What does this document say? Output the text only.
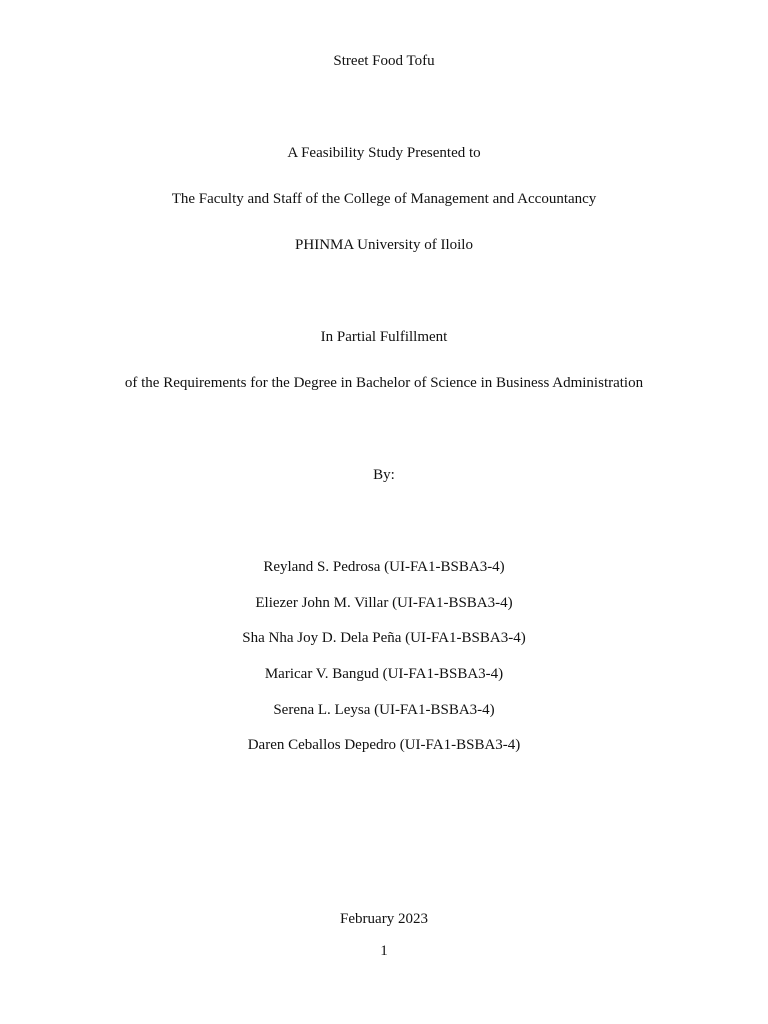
Street Food Tofu
A Feasibility Study Presented to
The Faculty and Staff of the College of Management and Accountancy
PHINMA University of Iloilo
In Partial Fulfillment
of the Requirements for the Degree in Bachelor of Science in Business Administration
By:
Reyland S. Pedrosa (UI-FA1-BSBA3-4)
Eliezer John M. Villar (UI-FA1-BSBA3-4)
Sha Nha Joy D. Dela Peña (UI-FA1-BSBA3-4)
Maricar V. Bangud (UI-FA1-BSBA3-4)
Serena L. Leysa (UI-FA1-BSBA3-4)
Daren Ceballos Depedro (UI-FA1-BSBA3-4)
February 2023
1
